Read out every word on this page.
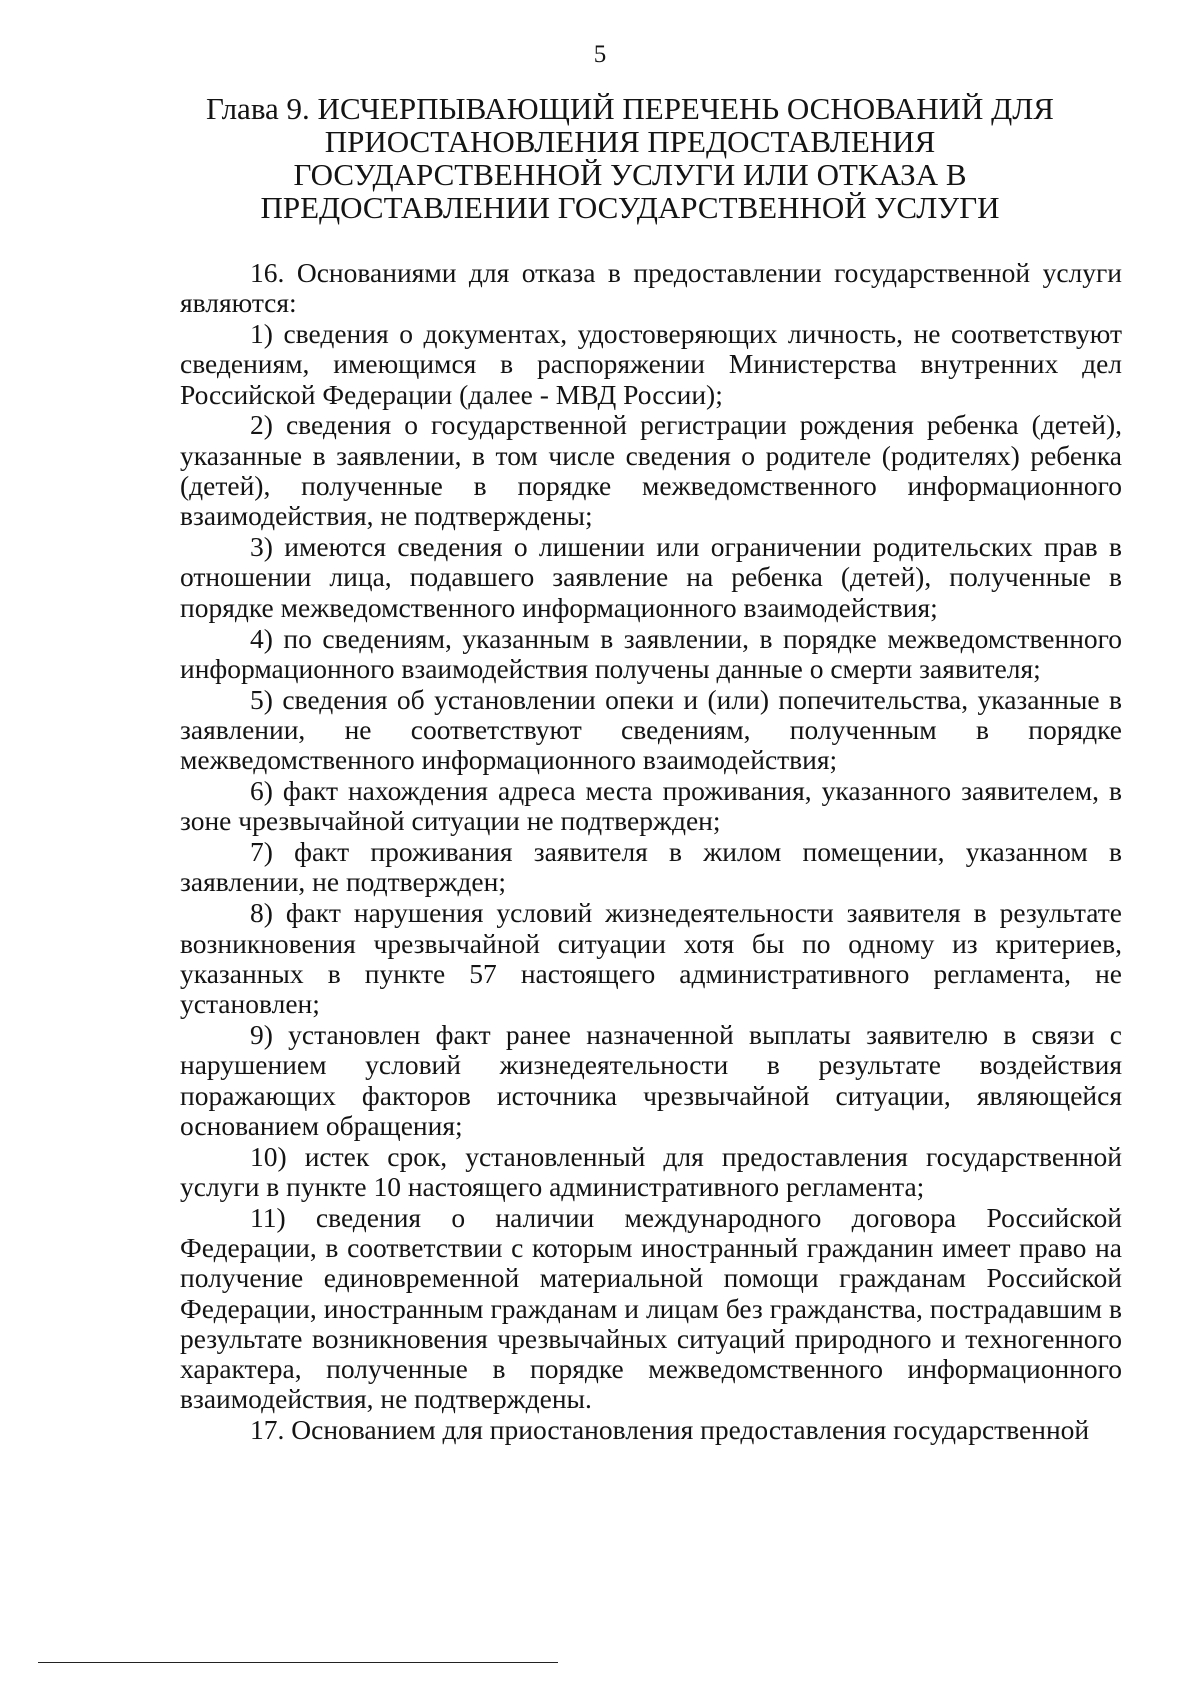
5
Глава 9. ИСЧЕРПЫВАЮЩИЙ ПЕРЕЧЕНЬ ОСНОВАНИЙ ДЛЯ ПРИОСТАНОВЛЕНИЯ ПРЕДОСТАВЛЕНИЯ ГОСУДАРСТВЕННОЙ УСЛУГИ ИЛИ ОТКАЗА В ПРЕДОСТАВЛЕНИИ ГОСУДАРСТВЕННОЙ УСЛУГИ

16. Основаниями для отказа в предоставлении государственной услуги являются:

1) сведения о документах, удостоверяющих личность, не соответствуют сведениям, имеющимся в распоряжении Министерства внутренних дел Российской Федерации (далее - МВД России);

2) сведения о государственной регистрации рождения ребенка (детей), указанные в заявлении, в том числе сведения о родителе (родителях) ребенка (детей), полученные в порядке межведомственного информационного взаимодействия, не подтверждены;

3) имеются сведения о лишении или ограничении родительских прав в отношении лица, подавшего заявление на ребенка (детей), полученные в порядке межведомственного информационного взаимодействия;

4) по сведениям, указанным в заявлении, в порядке межведомственного информационного взаимодействия получены данные о смерти заявителя;

5) сведения об установлении опеки и (или) попечительства, указанные в заявлении, не соответствуют сведениям, полученным в порядке межведомственного информационного взаимодействия;

6) факт нахождения адреса места проживания, указанного заявителем, в зоне чрезвычайной ситуации не подтвержден;

7) факт проживания заявителя в жилом помещении, указанном в заявлении, не подтвержден;

8) факт нарушения условий жизнедеятельности заявителя в результате возникновения чрезвычайной ситуации хотя бы по одному из критериев, указанных в пункте 57 настоящего административного регламента, не установлен;

9) установлен факт ранее назначенной выплаты заявителю в связи с нарушением условий жизнедеятельности в результате воздействия поражающих факторов источника чрезвычайной ситуации, являющейся основанием обращения;

10) истек срок, установленный для предоставления государственной услуги в пункте 10 настоящего административного регламента;

11) сведения о наличии международного договора Российской Федерации, в соответствии с которым иностранный гражданин имеет право на получение единовременной материальной помощи гражданам Российской Федерации, иностранным гражданам и лицам без гражданства, пострадавшим в результате возникновения чрезвычайных ситуаций природного и техногенного характера, полученные в порядке межведомственного информационного взаимодействия, не подтверждены.

17. Основанием для приостановления предоставления государственной
